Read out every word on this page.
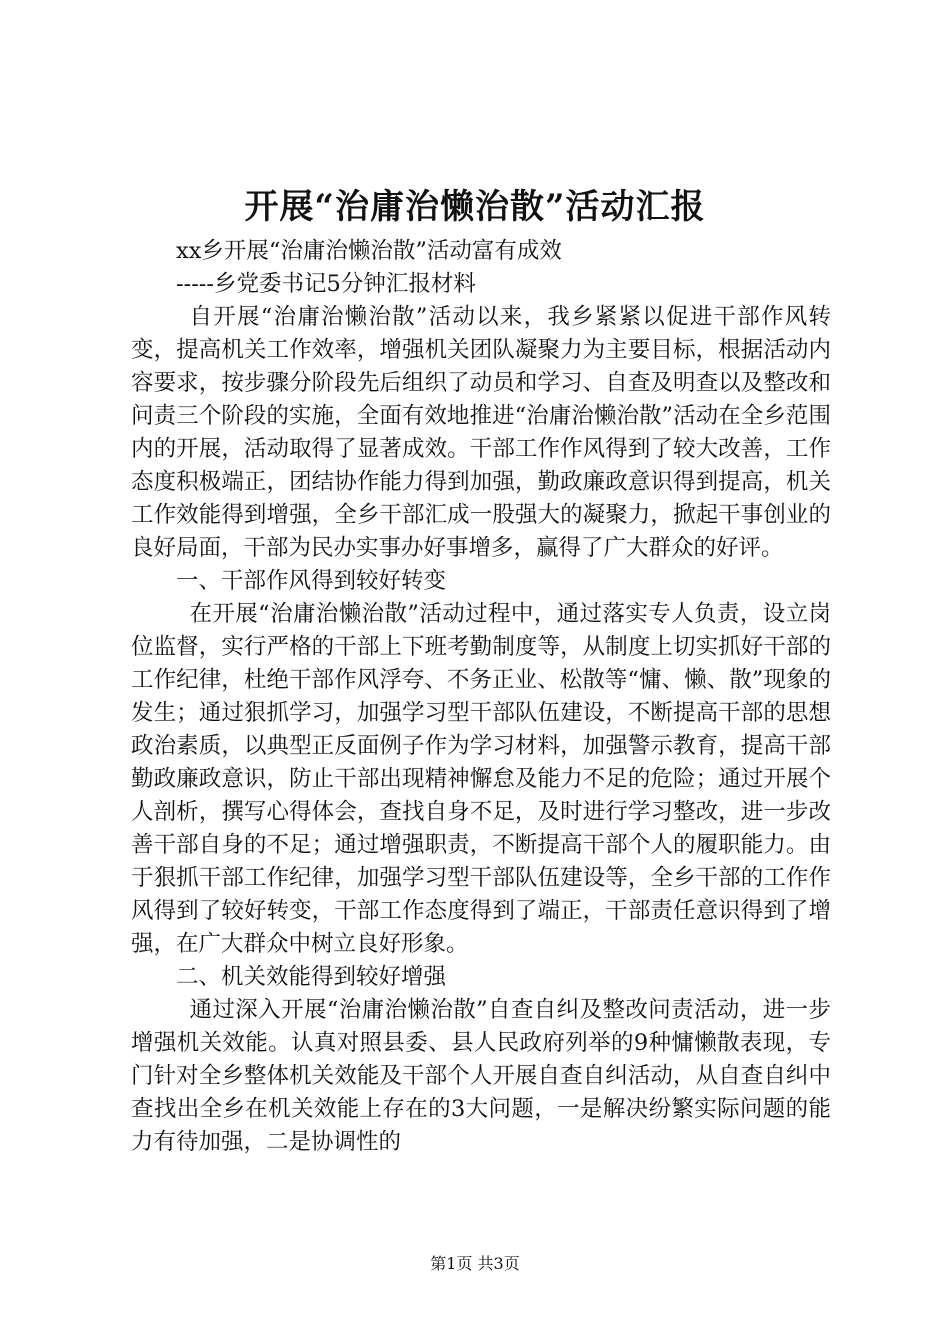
开展“治庸治懒治散”活动汇报

xx乡开展“治庸治懒治散”活动富有成效

-----乡党委书记5分钟汇报材料

自开展“治庸治懒治散”活动以来，我乡紧紧以促进干部作风转变，提高机关工作效率，增强机关团队凝聚力为主要目标，根据活动内容要求，按步骤分阶段先后组织了动员和学习、自查及明查以及整改和问责三个阶段的实施，全面有效地推进“治庸治懒治散”活动在全乡范围内的开展，活动取得了显著成效。干部工作作风得到了较大改善，工作态度积极端正，团结协作能力得到加强，勤政廉政意识得到提高，机关工作效能得到增强，全乡干部汇成一股强大的凝聚力，掀起干事创业的良好局面，干部为民办实事办好事增多，赢得了广大群众的好评。

一、干部作风得到较好转变

在开展“治庸治懒治散”活动过程中，通过落实专人负责，设立岗位监督，实行严格的干部上下班考勤制度等，从制度上切实抓好干部的工作纪律，杜绝干部作风浮夸、不务正业、松散等“慵、懒、散”现象的发生；通过狠抓学习，加强学习型干部队伍建设，不断提高干部的思想政治素质，以典型正反面例子作为学习材料，加强警示教育，提高干部勤政廉政意识，防止干部出现精神懈怠及能力不足的危险；通过开展个人剖析，撰写心得体会，查找自身不足，及时进行学习整改，进一步改善干部自身的不足；通过增强职责，不断提高干部个人的履职能力。由于狠抓干部工作纪律，加强学习型干部队伍建设等，全乡干部的工作作风得到了较好转变，干部工作态度得到了端正，干部责任意识得到了增强，在广大群众中树立良好形象。

二、机关效能得到较好增强

通过深入开展“治庸治懒治散”自查自纠及整改问责活动，进一步增强机关效能。认真对照县委、县人民政府列举的9种慵懒散表现，专门针对全乡整体机关效能及干部个人开展自查自纠活动，从自查自纠中查找出全乡在机关效能上存在的3大问题，一是解决纷繁实际问题的能力有待加强，二是协调性的

第1页 共3页
